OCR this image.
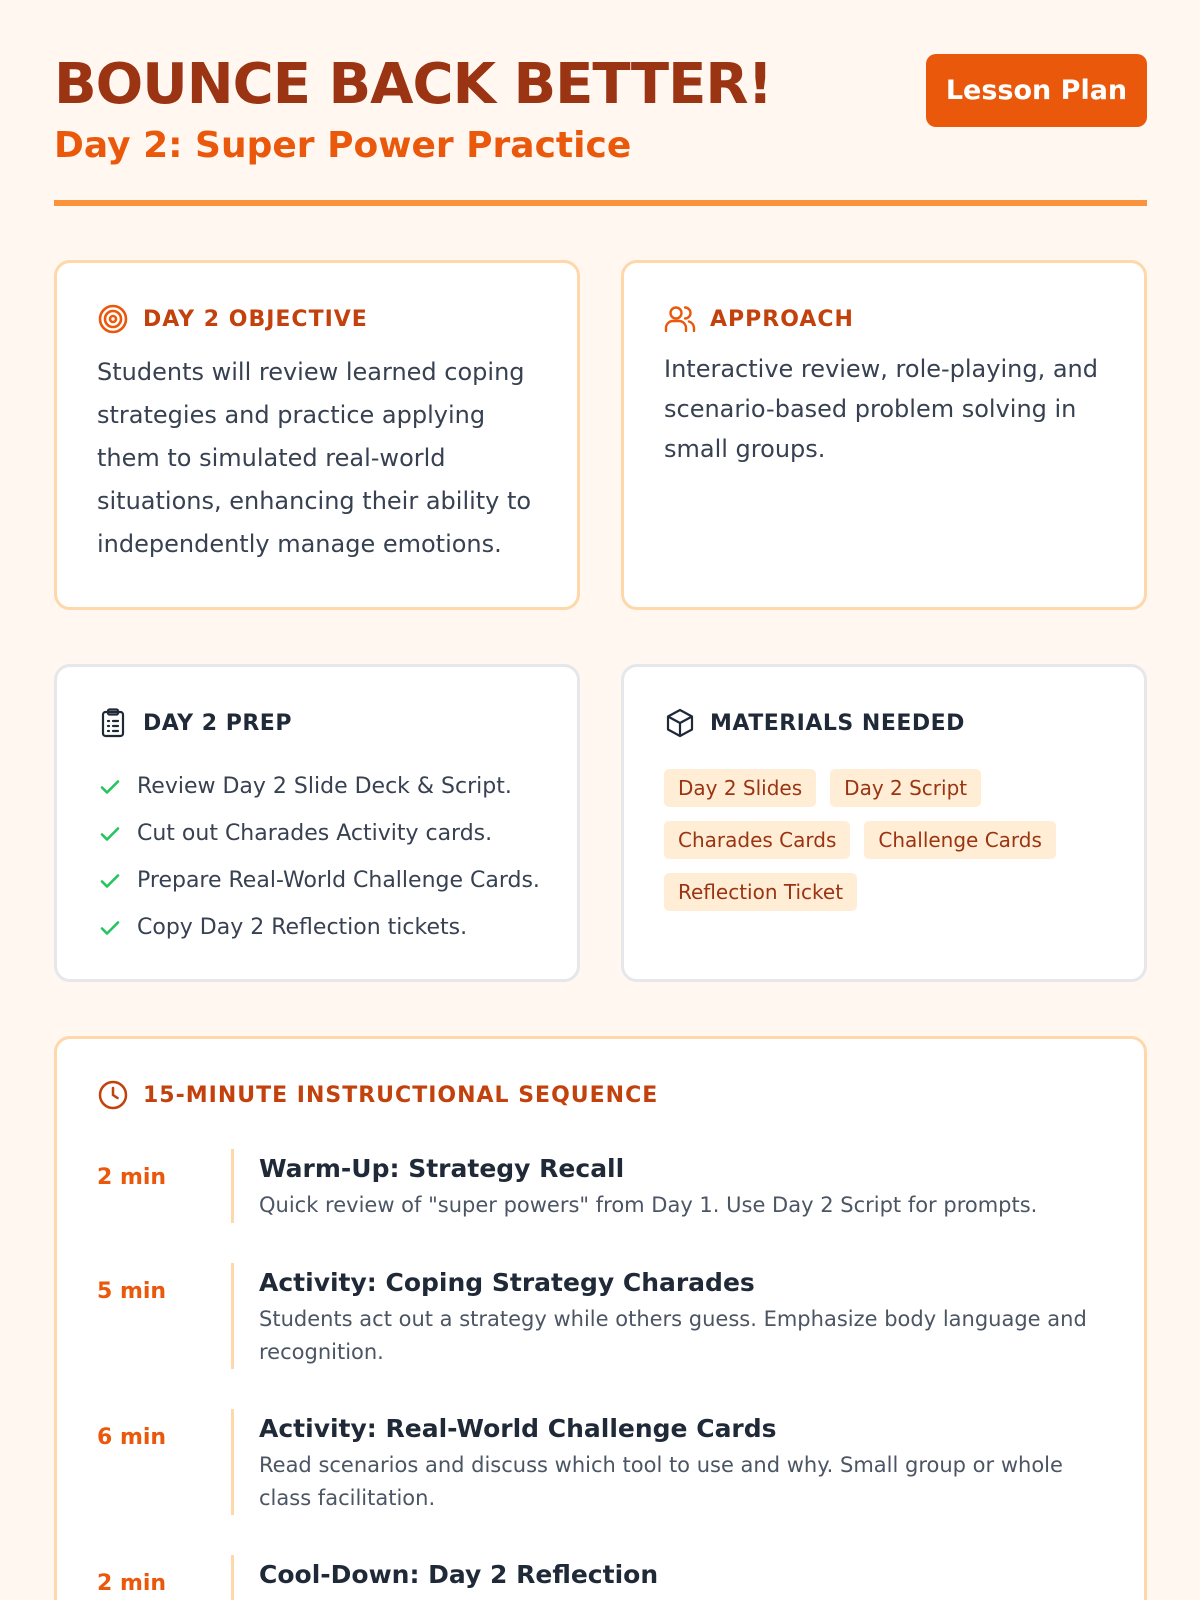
BOUNCE BACK BETTER!
Day 2: Super Power Practice
Lesson Plan
DAY 2 OBJECTIVE

Students will review learned coping strategies and practice applying them to simulated real-world situations, enhancing their ability to independently manage emotions.

APPROACH

Interactive review, role-playing, and scenario-based problem solving in small groups.

DAY 2 PREP
Review Day 2 Slide Deck & Script.
Cut out Charades Activity cards.
Prepare Real-World Challenge Cards.
Copy Day 2 Reflection tickets.
MATERIALS NEEDED
Day 2 Slides	Day 2 Script
Charades Cards	Challenge Cards
Reflection Ticket
15-MINUTE INSTRUCTIONAL SEQUENCE
2 min	Warm-Up: Strategy Recall
Quick review of "super powers" from Day 1. Use Day 2 Script for prompts.
5 min	Activity: Coping Strategy Charades
Students act out a strategy while others guess. Emphasize body language and recognition.
6 min	Activity: Real-World Challenge Cards
Read scenarios and discuss which tool to use and why. Small group or whole class facilitation.
2 min	Cool-Down: Day 2 Reflection
